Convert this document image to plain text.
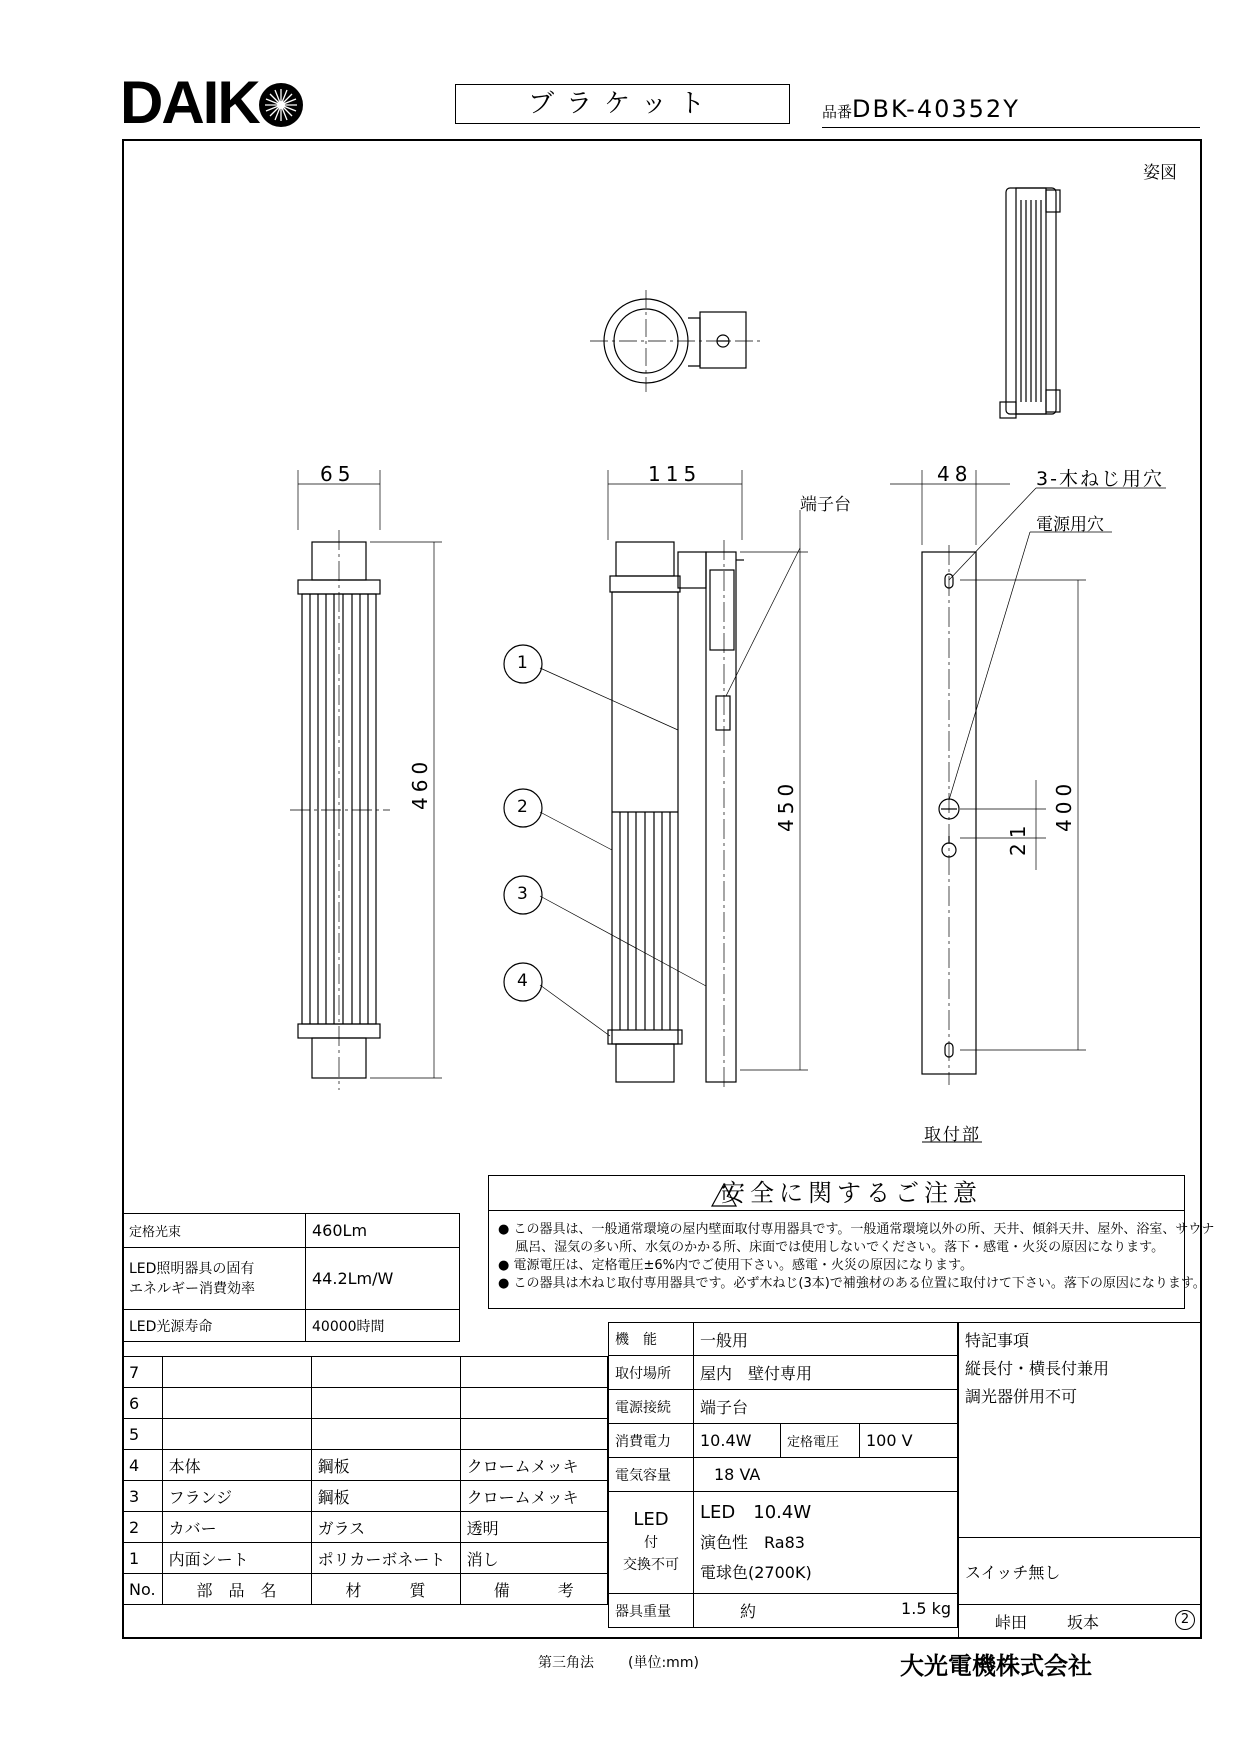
DAIK	ブラケット	品番DBK-40352Y
姿図
65	115	48
460	450	400
21
端子台
3-木ねじ用穴
電源用穴
取付部
1
2
3
4
安全に関するご注意
● この器具は、一般通常環境の屋内壁面取付専用器具です。一般通常環境以外の所、天井、傾斜天井、屋外、浴室、サウナ
　 風呂、湿気の多い所、水気のかかる所、床面では使用しないでください。落下・感電・火災の原因になります。
● 電源電圧は、定格電圧±6%内でご使用下さい。感電・火災の原因になります。
● この器具は木ねじ取付専用器具です。必ず木ねじ(3本)で補強材のある位置に取付けて下さい。落下の原因になります。
定格光束	460Lm
LED照明器具の固有
エネルギー消費効率	44.2Lm/W
LED光源寿命	40000時間
7			
6			
5			
4	本体	鋼板	クロームメッキ
3	フランジ	鋼板	クロームメッキ
2	カバー	ガラス	透明
1	内面シート	ポリカーボネート	消し
No.	部　品　名	材　　　質	備　　　考
機　能	一般用		
取付場所	屋内　壁付専用		
電源接続	端子台		
消費電力	10.4W	定格電圧	100 V
電気容量	18 VA		
LED
付
交換不可	LED　10.4W
演色性　Ra83
電球色(2700K)		
器具重量	約 1.5 kg		
特記事項
縦長付・横長付兼用
調光器併用不可
スイッチ無し
峠田	坂本	2
第三角法 (単位:mm)	大光電機株式会社
